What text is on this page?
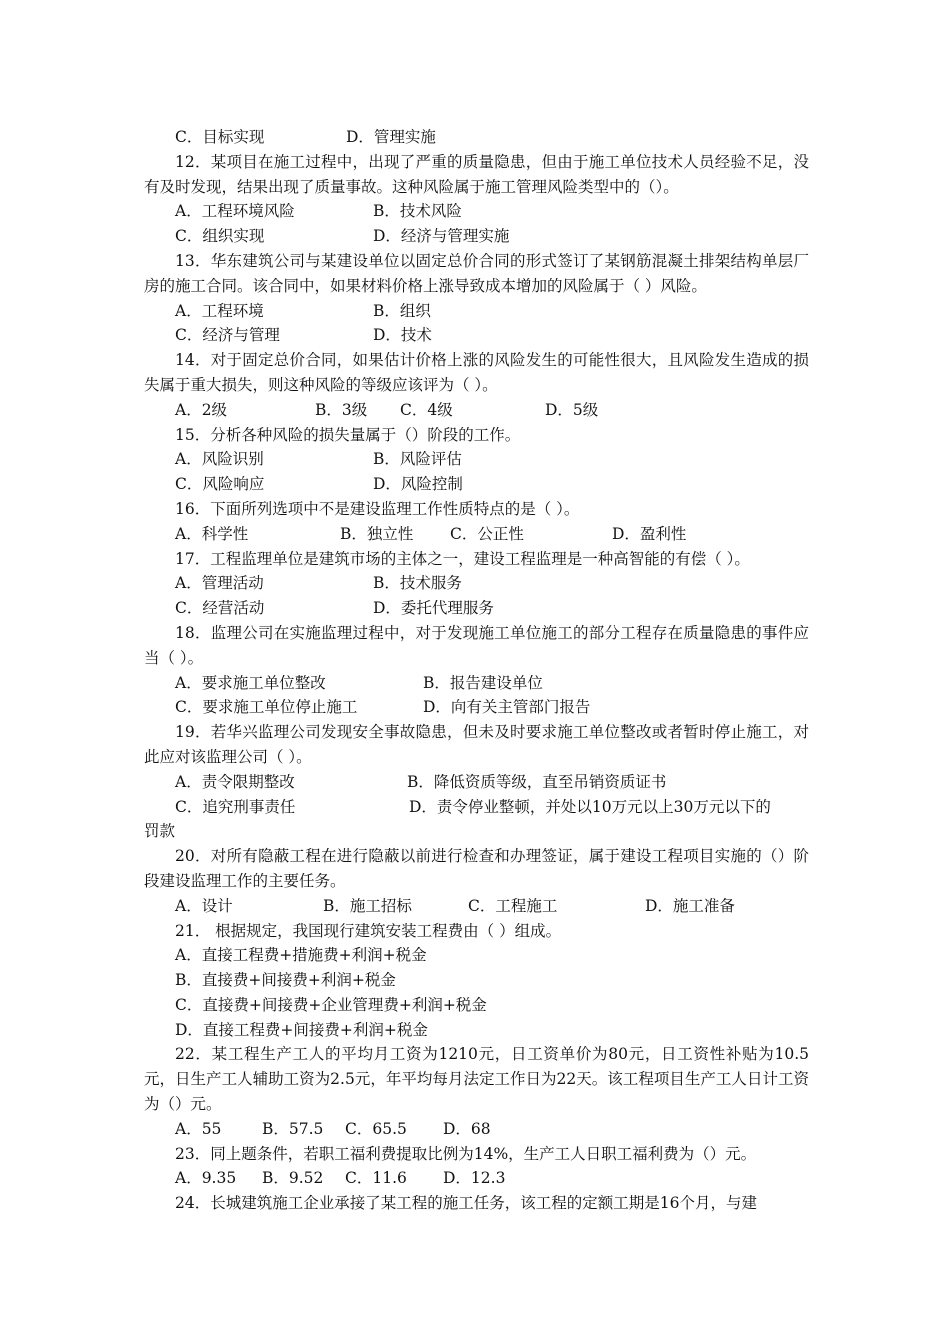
C．目标实现	D．管理实施

12．某项目在施工过程中，出现了严重的质量隐患，但由于施工单位技术人员经验不足，没有及时发现，结果出现了质量事故。这种风险属于施工管理风险类型中的（）。

A．工程环境风险	B．技术风险
C．组织实现	D．经济与管理实施

13．华东建筑公司与某建设单位以固定总价合同的形式签订了某钢筋混凝土排架结构单层厂房的施工合同。该合同中，如果材料价格上涨导致成本增加的风险属于（ ）风险。

A．工程环境	B．组织
C．经济与管理	D．技术

14．对于固定总价合同，如果估计价格上涨的风险发生的可能性很大，且风险发生造成的损失属于重大损失，则这种风险的等级应该评为（ ）。

A．2级	B．3级 C．4级	D．5级

15．分析各种风险的损失量属于（）阶段的工作。

A．风险识别	B．风险评估
C．风险响应	D．风险控制

16．下面所列选项中不是建设监理工作性质特点的是（ ）。

A．科学性	B．独立性 C．公正性	D．盈利性

17．工程监理单位是建筑市场的主体之一，建设工程监理是一种高智能的有偿（ ）。

A．管理活动	B．技术服务
C．经营活动	D．委托代理服务

18．监理公司在实施监理过程中，对于发现施工单位施工的部分工程存在质量隐患的事件应当（ ）。

A．要求施工单位整改	B．报告建设单位
C．要求施工单位停止施工	D．向有关主管部门报告

19．若华兴监理公司发现安全事故隐患，但未及时要求施工单位整改或者暂时停止施工，对此应对该监理公司（ ）。

A．责令限期整改	B．降低资质等级，直至吊销资质证书
C．追究刑事责任	D．责令停业整顿，并处以10万元以上30万元以下的
罚款

20．对所有隐蔽工程在进行隐蔽以前进行检查和办理签证，属于建设工程项目实施的（）阶段建设监理工作的主要任务。

A．设计	B．施工招标	C．工程施工	D．施工准备

21． 根据规定，我国现行建筑安装工程费由（ ）组成。

A．直接工程费+措施费+利润+税金

B．直接费+间接费+利润+税金

C．直接费+间接费+企业管理费+利润+税金

D．直接工程费+间接费+利润+税金

22．某工程生产工人的平均月工资为1210元，日工资单价为80元，日工资性补贴为10.5元，日生产工人辅助工资为2.5元，年平均每月法定工作日为22天。该工程项目生产工人日计工资为（）元。

A．55	B．57.5 C．65.5 D．68

23．同上题条件，若职工福利费提取比例为14%，生产工人日职工福利费为（）元。

A．9.35 B．9.52 C．11.6 D．12.3

24．长城建筑施工企业承接了某工程的施工任务，该工程的定额工期是16个月，与建
